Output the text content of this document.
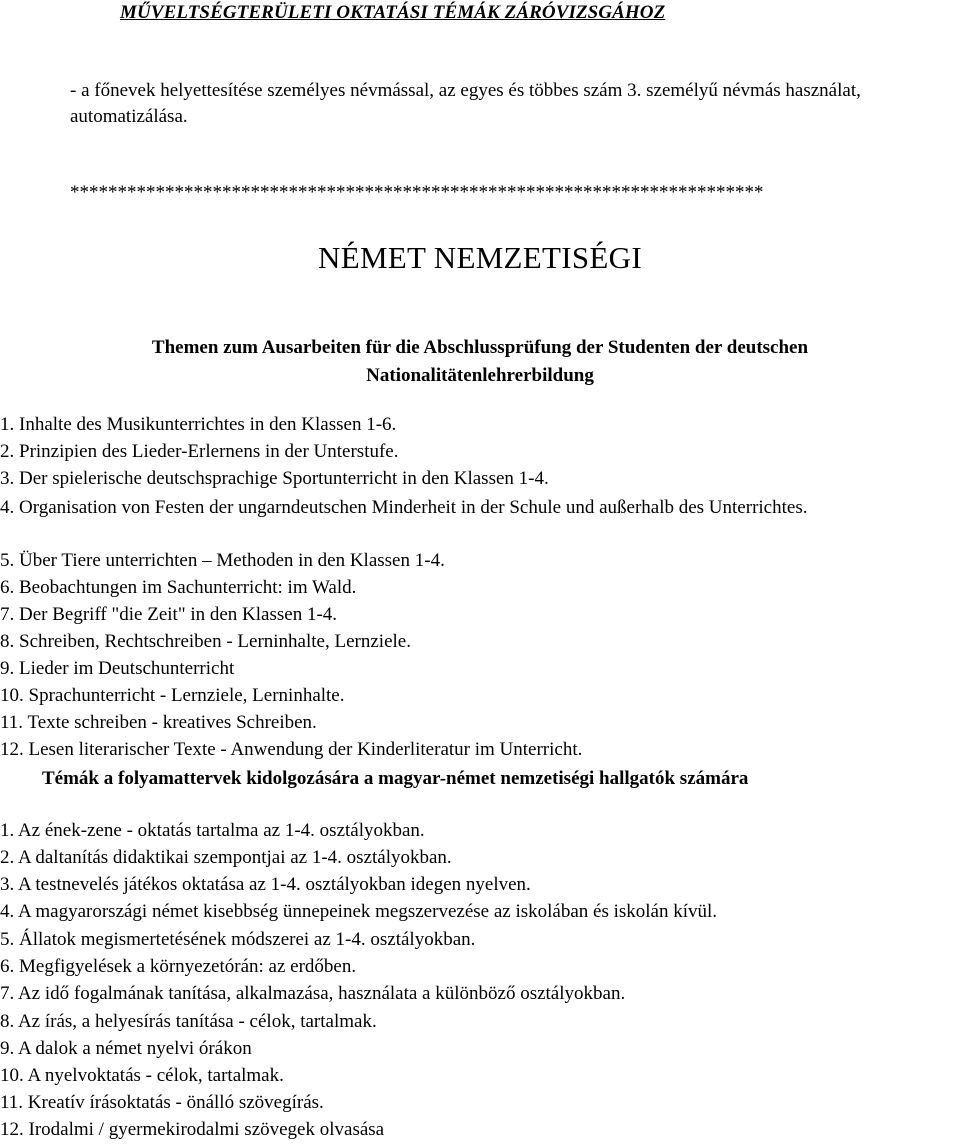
MŰVELTSÉGTERÜLETI OKTATÁSI TÉMÁK ZÁRÓVIZSGÁHOZ
- a főnevek helyettesítése személyes névmással, az egyes és többes szám 3. személyű névmás használat, automatizálása.
*************************************************************************
NÉMET NEMZETISÉGI
Themen zum Ausarbeiten für die Abschlussprüfung der Studenten der deutschen Nationalitätenlehrerbildung
1. Inhalte des Musikunterrichtes in den Klassen 1-6.
2. Prinzipien des Lieder-Erlernens in der Unterstufe.
3. Der spielerische deutschsprachige Sportunterricht in den Klassen 1-4.
4. Organisation von Festen der ungarndeutschen Minderheit in der Schule und außerhalb des Unterrichtes.
5. Über Tiere unterrichten – Methoden in den Klassen 1-4.
6. Beobachtungen im Sachunterricht: im Wald.
7. Der Begriff "die Zeit" in den Klassen 1-4.
8. Schreiben, Rechtschreiben - Lerninhalte, Lernziele.
9. Lieder im Deutschunterricht
10. Sprachunterricht - Lernziele, Lerninhalte.
11. Texte schreiben - kreatives Schreiben.
12. Lesen literarischer Texte - Anwendung der Kinderliteratur im Unterricht.
Témák a folyamattervek kidolgozására a magyar-német nemzetiségi hallgatók számára
1. Az ének-zene - oktatás tartalma az 1-4. osztályokban.
2. A daltanítás didaktikai szempontjai az 1-4. osztályokban.
3. A testnevelés játékos oktatása az 1-4. osztályokban idegen nyelven.
4. A magyarországi német kisebbség ünnepeinek megszervezése az iskolában és iskolán kívül.
5. Állatok megismertetésének módszerei az 1-4. osztályokban.
6. Megfigyelések a környezetórán: az erdőben.
7. Az idő fogalmának tanítása, alkalmazása, használata a különböző osztályokban.
8. Az írás, a helyesírás tanítása - célok, tartalmak.
9. A dalok a német nyelvi órákon
10. A nyelvoktatás - célok, tartalmak.
11. Kreatív írásoktatás - önálló szövegírás.
12. Irodalmi / gyermekirodalmi szövegek olvasása
